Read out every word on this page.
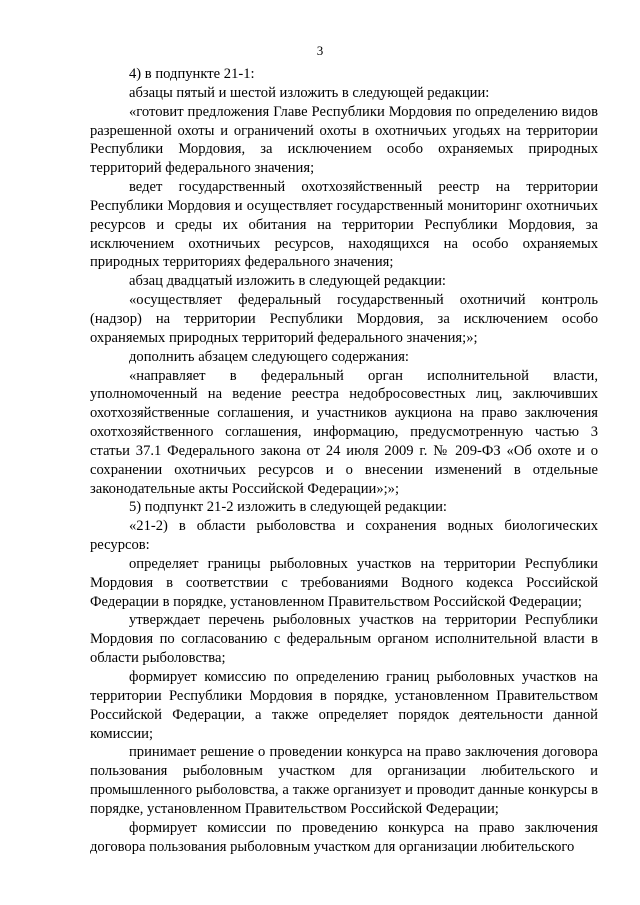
3

4) в подпункте 21-1:

абзацы пятый и шестой изложить в следующей редакции:

«готовит предложения Главе Республики Мордовия по определению видов разрешенной охоты и ограничений охоты в охотничьих угодьях на территории Республики Мордовия, за исключением особо охраняемых природных территорий федерального значения;

ведет государственный охотхозяйственный реестр на территории Республики Мордовия и осуществляет государственный мониторинг охотничьих ресурсов и среды их обитания на территории Республики Мордовия, за исключением охотничьих ресурсов, находящихся на особо охраняемых природных территориях федерального значения;

абзац двадцатый изложить в следующей редакции:

«осуществляет федеральный государственный охотничий контроль (надзор) на территории Республики Мордовия, за исключением особо охраняемых природных территорий федерального значения;»;

дополнить абзацем следующего содержания:

«направляет в федеральный орган исполнительной власти, уполномоченный на ведение реестра недобросовестных лиц, заключивших охотхозяйственные соглашения, и участников аукциона на право заключения охотхозяйственного соглашения, информацию, предусмотренную частью 3 статьи 37.1 Федерального закона от 24 июля 2009 г. № 209-ФЗ «Об охоте и о сохранении охотничьих ресурсов и о внесении изменений в отдельные законодательные акты Российской Федерации»;»;

5) подпункт 21-2 изложить в следующей редакции:

«21-2) в области рыболовства и сохранения водных биологических ресурсов:

определяет границы рыболовных участков на территории Республики Мордовия в соответствии с требованиями Водного кодекса Российской Федерации в порядке, установленном Правительством Российской Федерации;

утверждает перечень рыболовных участков на территории Республики Мордовия по согласованию с федеральным органом исполнительной власти в области рыболовства;

формирует комиссию по определению границ рыболовных участков на территории Республики Мордовия в порядке, установленном Правительством Российской Федерации, а также определяет порядок деятельности данной комиссии;

принимает решение о проведении конкурса на право заключения договора пользования рыболовным участком для организации любительского и промышленного рыболовства, а также организует и проводит данные конкурсы в порядке, установленном Правительством Российской Федерации;

формирует комиссии по проведению конкурса на право заключения договора пользования рыболовным участком для организации любительского
